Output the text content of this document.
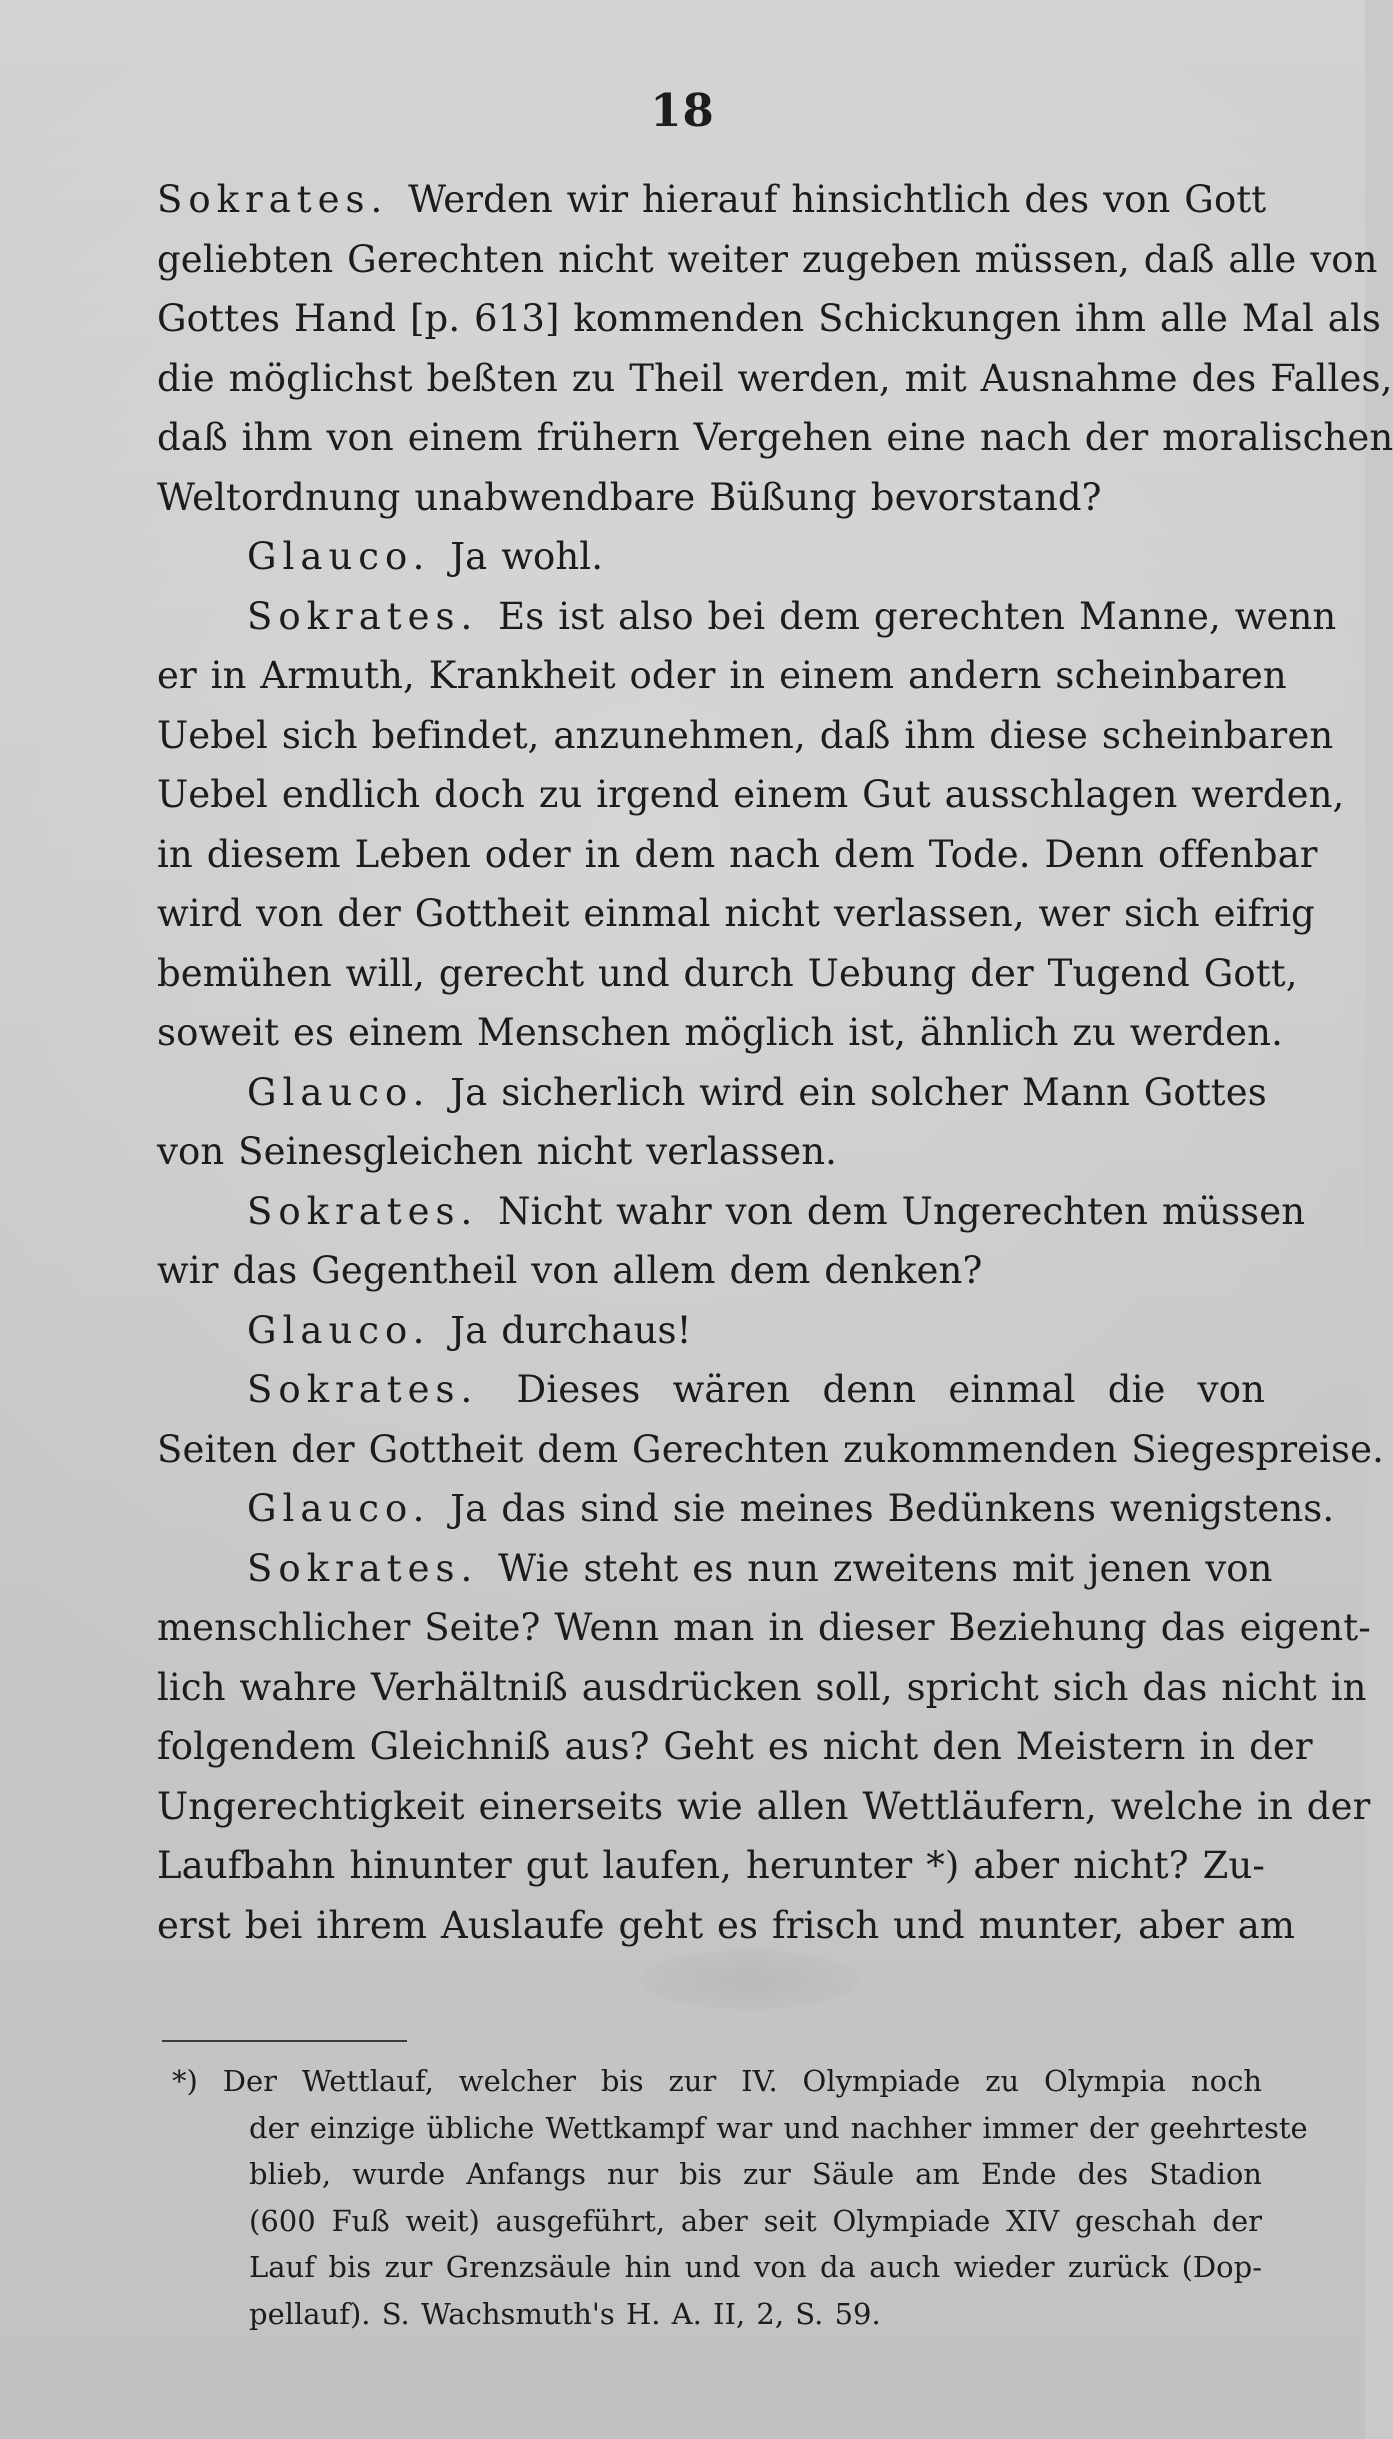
18
Sokrates. Werden wir hierauf hinsichtlich des von Gott
geliebten Gerechten nicht weiter zugeben müssen, daß alle von
Gottes Hand [p. 613] kommenden Schickungen ihm alle Mal als
die möglichst beßten zu Theil werden, mit Ausnahme des Falles,
daß ihm von einem frühern Vergehen eine nach der moralischen
Weltordnung unabwendbare Büßung bevorstand?
Glauco. Ja wohl.
Sokrates. Es ist also bei dem gerechten Manne, wenn
er in Armuth, Krankheit oder in einem andern scheinbaren
Uebel sich befindet, anzunehmen, daß ihm diese scheinbaren
Uebel endlich doch zu irgend einem Gut ausschlagen werden,
in diesem Leben oder in dem nach dem Tode. Denn offenbar
wird von der Gottheit einmal nicht verlassen, wer sich eifrig
bemühen will, gerecht und durch Uebung der Tugend Gott,
soweit es einem Menschen möglich ist, ähnlich zu werden.
Glauco. Ja sicherlich wird ein solcher Mann Gottes
von Seinesgleichen nicht verlassen.
Sokrates. Nicht wahr von dem Ungerechten müssen
wir das Gegentheil von allem dem denken?
Glauco. Ja durchaus!
Sokrates. Dieses wären denn einmal die von
Seiten der Gottheit dem Gerechten zukommenden Siegespreise.
Glauco. Ja das sind sie meines Bedünkens wenigstens.
Sokrates. Wie steht es nun zweitens mit jenen von
menschlicher Seite? Wenn man in dieser Beziehung das eigent-
lich wahre Verhältniß ausdrücken soll, spricht sich das nicht in
folgendem Gleichniß aus? Geht es nicht den Meistern in der
Ungerechtigkeit einerseits wie allen Wettläufern, welche in der
Laufbahn hinunter gut laufen, herunter *) aber nicht? Zu-
erst bei ihrem Auslaufe geht es frisch und munter, aber am
*) Der Wettlauf, welcher bis zur IV. Olympiade zu Olympia noch
der einzige übliche Wettkampf war und nachher immer der geehrteste
blieb, wurde Anfangs nur bis zur Säule am Ende des Stadion
(600 Fuß weit) ausgeführt, aber seit Olympiade XIV geschah der
Lauf bis zur Grenzsäule hin und von da auch wieder zurück (Dop-
pellauf). S. Wachsmuth's H. A. II, 2, S. 59.
